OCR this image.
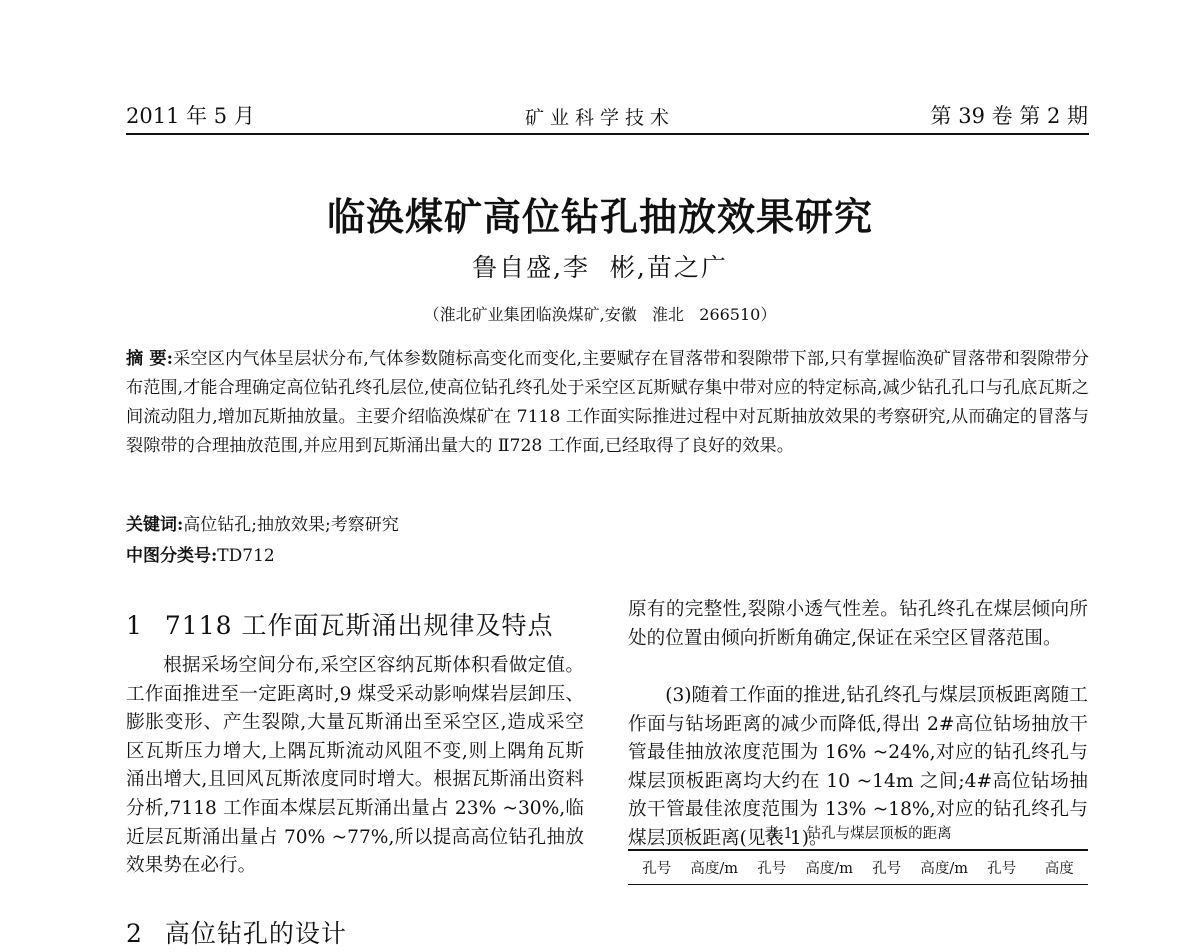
2011 年 5 月	矿业科学技术	第 39 卷 第 2 期
临涣煤矿高位钻孔抽放效果研究
鲁自盛,李  彬,苗之广
（淮北矿业集团临涣煤矿,安徽   淮北   266510）
摘 要:采空区内气体呈层状分布,气体参数随标高变化而变化,主要赋存在冒落带和裂隙带下部,只有掌握临涣矿冒落带和裂隙带分布范围,才能合理确定高位钻孔终孔层位,使高位钻孔终孔处于采空区瓦斯赋存集中带对应的特定标高,减少钻孔孔口与孔底瓦斯之间流动阻力,增加瓦斯抽放量。主要介绍临涣煤矿在 7118 工作面实际推进过程中对瓦斯抽放效果的考察研究,从而确定的冒落与裂隙带的合理抽放范围,并应用到瓦斯涌出量大的 Ⅱ728 工作面,已经取得了良好的效果。
关键词:高位钻孔;抽放效果;考察研究
中图分类号:TD712
1 7118 工作面瓦斯涌出规律及特点
根据采场空间分布,采空区容纳瓦斯体积看做定值。工作面推进至一定距离时,9 煤受采动影响煤岩层卸压、膨胀变形、产生裂隙,大量瓦斯涌出至采空区,造成采空区瓦斯压力增大,上隅瓦斯流动风阻不变,则上隅角瓦斯涌出增大,且回风瓦斯浓度同时增大。根据瓦斯涌出资料分析,7118 工作面本煤层瓦斯涌出量占 23% ~30%,临近层瓦斯涌出量占 70% ~77%,所以提高高位钻孔抽放效果势在必行。
2 高位钻孔的设计
原有的完整性,裂隙小透气性差。钻孔终孔在煤层倾向所处的位置由倾向折断角确定,保证在采空区冒落范围。
(3)随着工作面的推进,钻孔终孔与煤层顶板距离随工作面与钻场距离的减少而降低,得出 2#高位钻场抽放干管最佳抽放浓度范围为 16% ~24%,对应的钻孔终孔与煤层顶板距离均大约在 10 ~14m 之间;4#高位钻场抽放干管最佳浓度范围为 13% ~18%,对应的钻孔终孔与煤层顶板距离(见表 1)。
表 1   钻孔与煤层顶板的距离
孔号	高度/m	孔号	高度/m	孔号	高度/m	孔号	高度
